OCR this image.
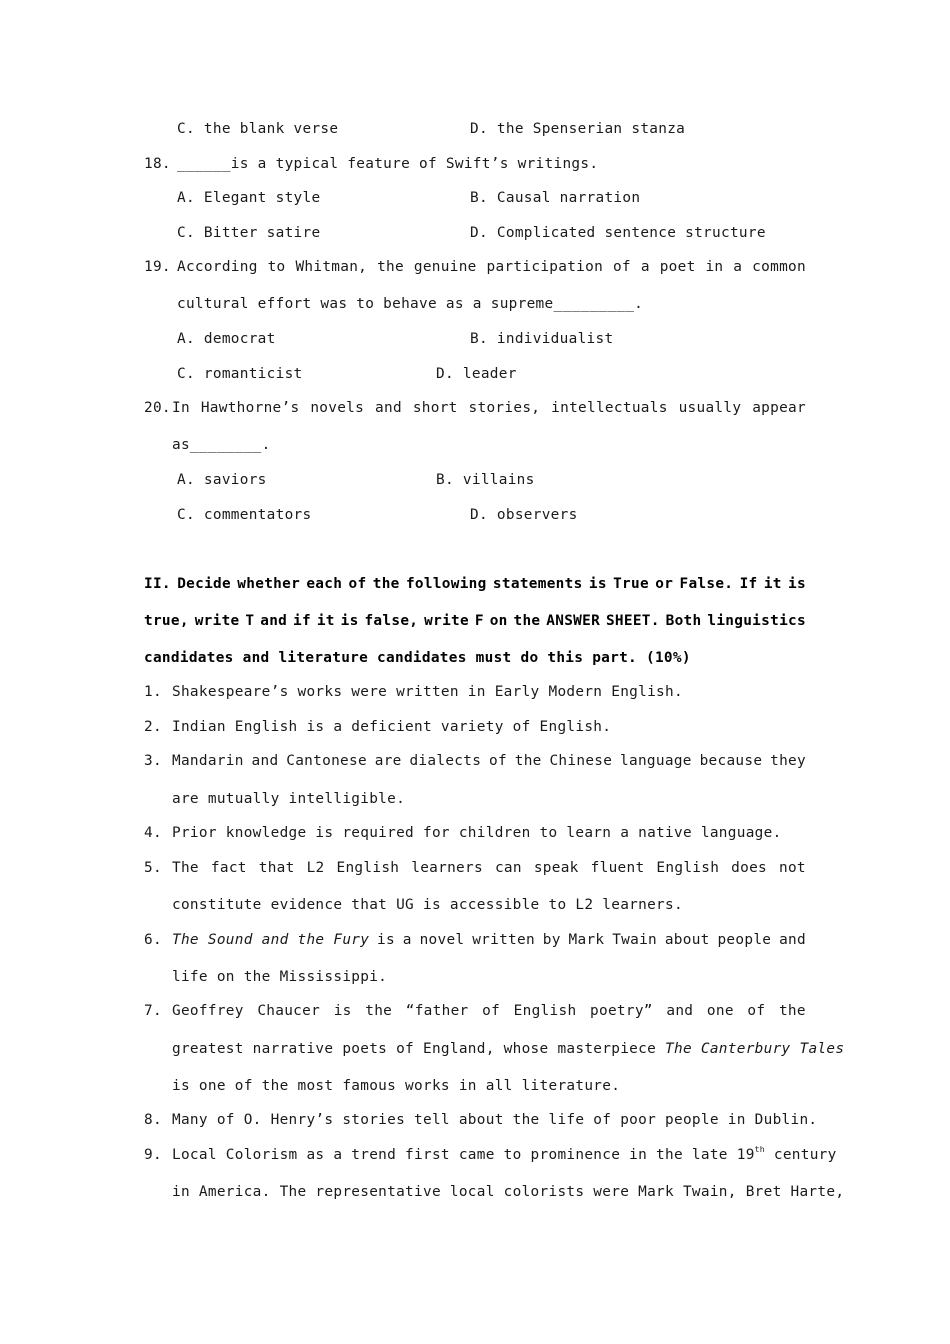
C. the blank verse	D. the Spenserian stanza
18. ______is a typical feature of Swift’s writings.
A. Elegant style	B. Causal narration
C. Bitter satire	D. Complicated sentence structure
19. According to Whitman, the genuine participation of a poet in a common
cultural effort was to behave as a supreme_________.
A. democrat	B. individualist
C. romanticist	D. leader
20. In Hawthorne’s novels and short stories, intellectuals usually appear
as________.
A. saviors	B. villains
C. commentators	D. observers
II. Decide whether each of the following statements is True or False. If it is
true, write T and if it is false, write F on the ANSWER SHEET. Both linguistics
candidates and literature candidates must do this part. (10%)
1. Shakespeare’s works were written in Early Modern English.
2. Indian English is a deficient variety of English.
3. Mandarin and Cantonese are dialects of the Chinese language because they
are mutually intelligible.
4. Prior knowledge is required for children to learn a native language.
5. The fact that L2 English learners can speak fluent English does not
constitute evidence that UG is accessible to L2 learners.
6. The Sound and the Fury is a novel written by Mark Twain about people and
life on the Mississippi.
7. Geoffrey Chaucer is the “father of English poetry” and one of the
greatest narrative poets of England, whose masterpiece The Canterbury Tales
is one of the most famous works in all literature.
8. Many of O. Henry’s stories tell about the life of poor people in Dublin.
9. Local Colorism as a trend first came to prominence in the late 19th century
in America. The representative local colorists were Mark Twain, Bret Harte,
